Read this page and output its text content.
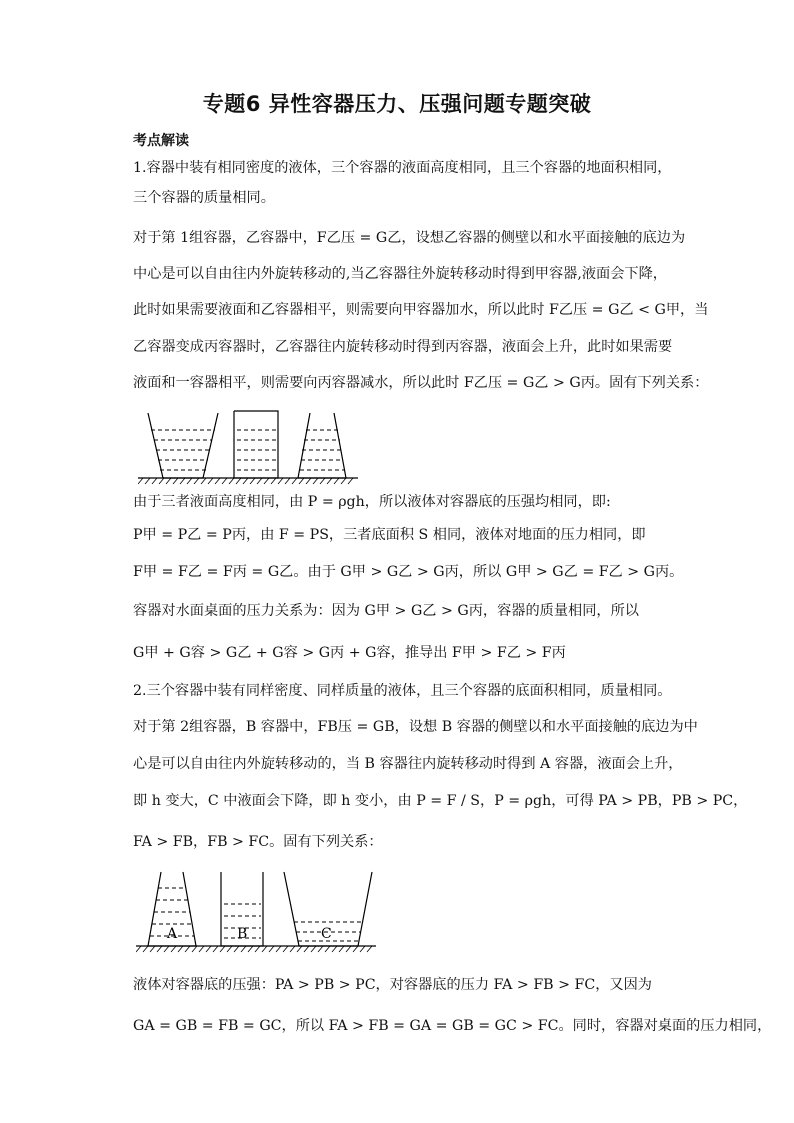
专题6 异性容器压力、压强问题专题突破
考点解读
1.容器中装有相同密度的液体，三个容器的液面高度相同，且三个容器的地面积相同，
三个容器的质量相同。
对于第 1组容器，乙容器中，F乙压 = G乙，设想乙容器的侧壁以和水平面接触的底边为
中心是可以自由往内外旋转移动的,当乙容器往外旋转移动时得到甲容器,液面会下降，
此时如果需要液面和乙容器相平，则需要向甲容器加水，所以此时 F乙压 = G乙 < G甲，当
乙容器变成丙容器时，乙容器往内旋转移动时得到丙容器，液面会上升，此时如果需要
液面和一容器相平，则需要向丙容器减水，所以此时 F乙压 = G乙 > G丙。固有下列关系：
由于三者液面高度相同，由 P = ρgh，所以液体对容器底的压强均相同，即:
P甲 = P乙 = P丙，由 F = PS，三者底面积 S 相同，液体对地面的压力相同，即
F甲 = F乙 = F丙 = G乙。由于 G甲 > G乙 > G丙，所以 G甲 > G乙 = F乙 > G丙。
容器对水面桌面的压力关系为：因为 G甲 > G乙 > G丙，容器的质量相同，所以
G甲 + G容 > G乙 + G容 > G丙 + G容，推导出 F甲 > F乙 > F丙
2.三个容器中装有同样密度、同样质量的液体，且三个容器的底面积相同，质量相同。
对于第 2组容器，B 容器中，FB压 = GB，设想 B 容器的侧壁以和水平面接触的底边为中
心是可以自由往内外旋转移动的，当 B 容器往内旋转移动时得到 A 容器，液面会上升，
即 h 变大，C 中液面会下降，即 h 变小，由 P = F / S，P = ρgh，可得 PA > PB，PB > PC，
FA > FB，FB > FC。固有下列关系：
A	B	C
液体对容器底的压强：PA > PB > PC，对容器底的压力 FA > FB > FC，又因为
GA = GB = FB = GC，所以 FA > FB = GA = GB = GC > FC。同时，容器对桌面的压力相同，
